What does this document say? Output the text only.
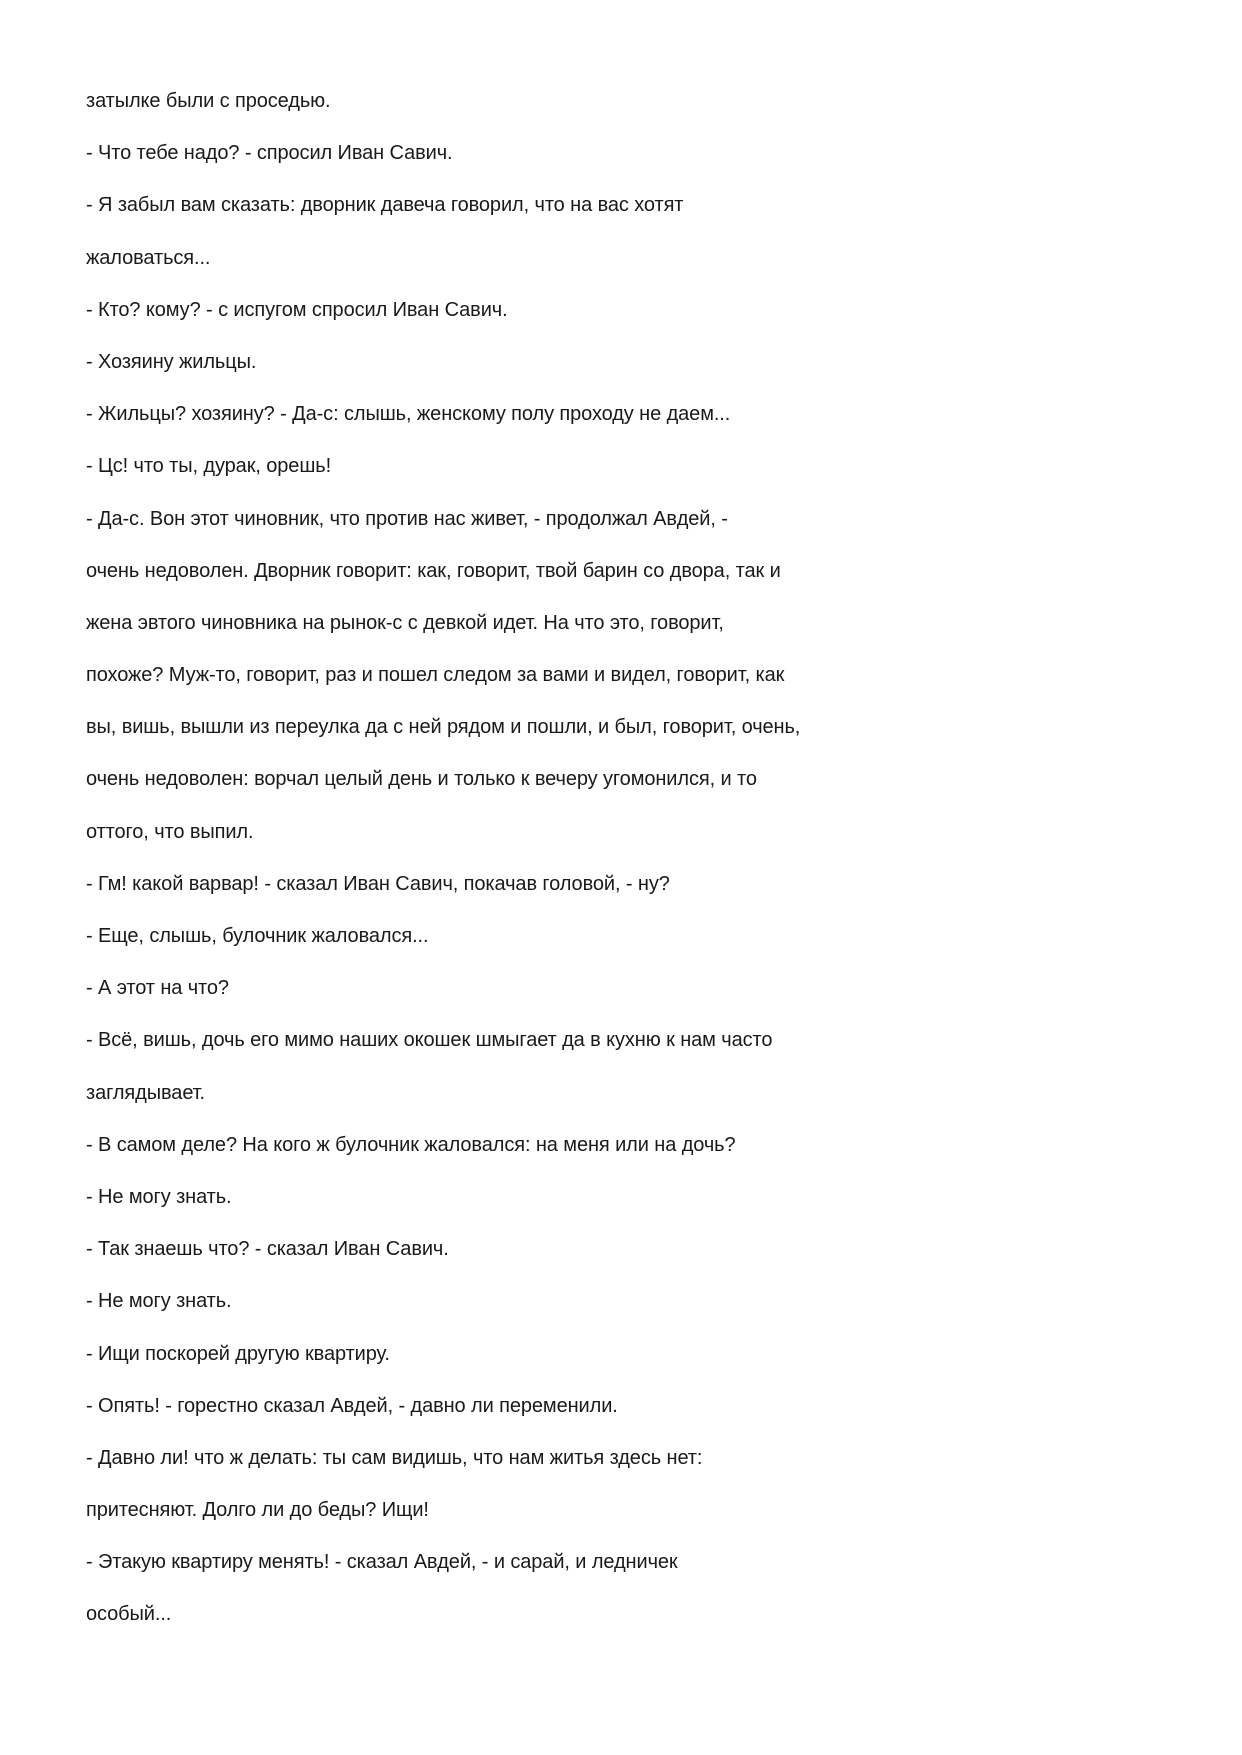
затылке были с проседью.
- Что тебе надо? - спросил Иван Савич.
- Я забыл вам сказать: дворник давеча говорил, что на вас хотят
жаловаться...
- Кто? кому? - с испугом спросил Иван Савич.
- Хозяину жильцы.
- Жильцы? хозяину? - Да-с: слышь, женскому полу проходу не даем...
- Цс! что ты, дурак, орешь!
- Да-с. Вон этот чиновник, что против нас живет, - продолжал Авдей, -
очень недоволен. Дворник говорит: как, говорит, твой барин со двора, так и
жена эвтого чиновника на рынок-с с девкой идет. На что это, говорит,
похоже? Муж-то, говорит, раз и пошел следом за вами и видел, говорит, как
вы, вишь, вышли из переулка да с ней рядом и пошли, и был, говорит, очень,
очень недоволен: ворчал целый день и только к вечеру угомонился, и то
оттого, что выпил.
- Гм! какой варвар! - сказал Иван Савич, покачав головой, - ну?
- Еще, слышь, булочник жаловался...
- А этот на что?
- Всё, вишь, дочь его мимо наших окошек шмыгает да в кухню к нам часто
заглядывает.
- В самом деле? На кого ж булочник жаловался: на меня или на дочь?
- Не могу знать.
- Так знаешь что? - сказал Иван Савич.
- Не могу знать.
- Ищи поскорей другую квартиру.
- Опять! - горестно сказал Авдей, - давно ли переменили.
- Давно ли! что ж делать: ты сам видишь, что нам житья здесь нет:
притесняют. Долго ли до беды? Ищи!
- Этакую квартиру менять! - сказал Авдей, - и сарай, и ледничек
особый...
